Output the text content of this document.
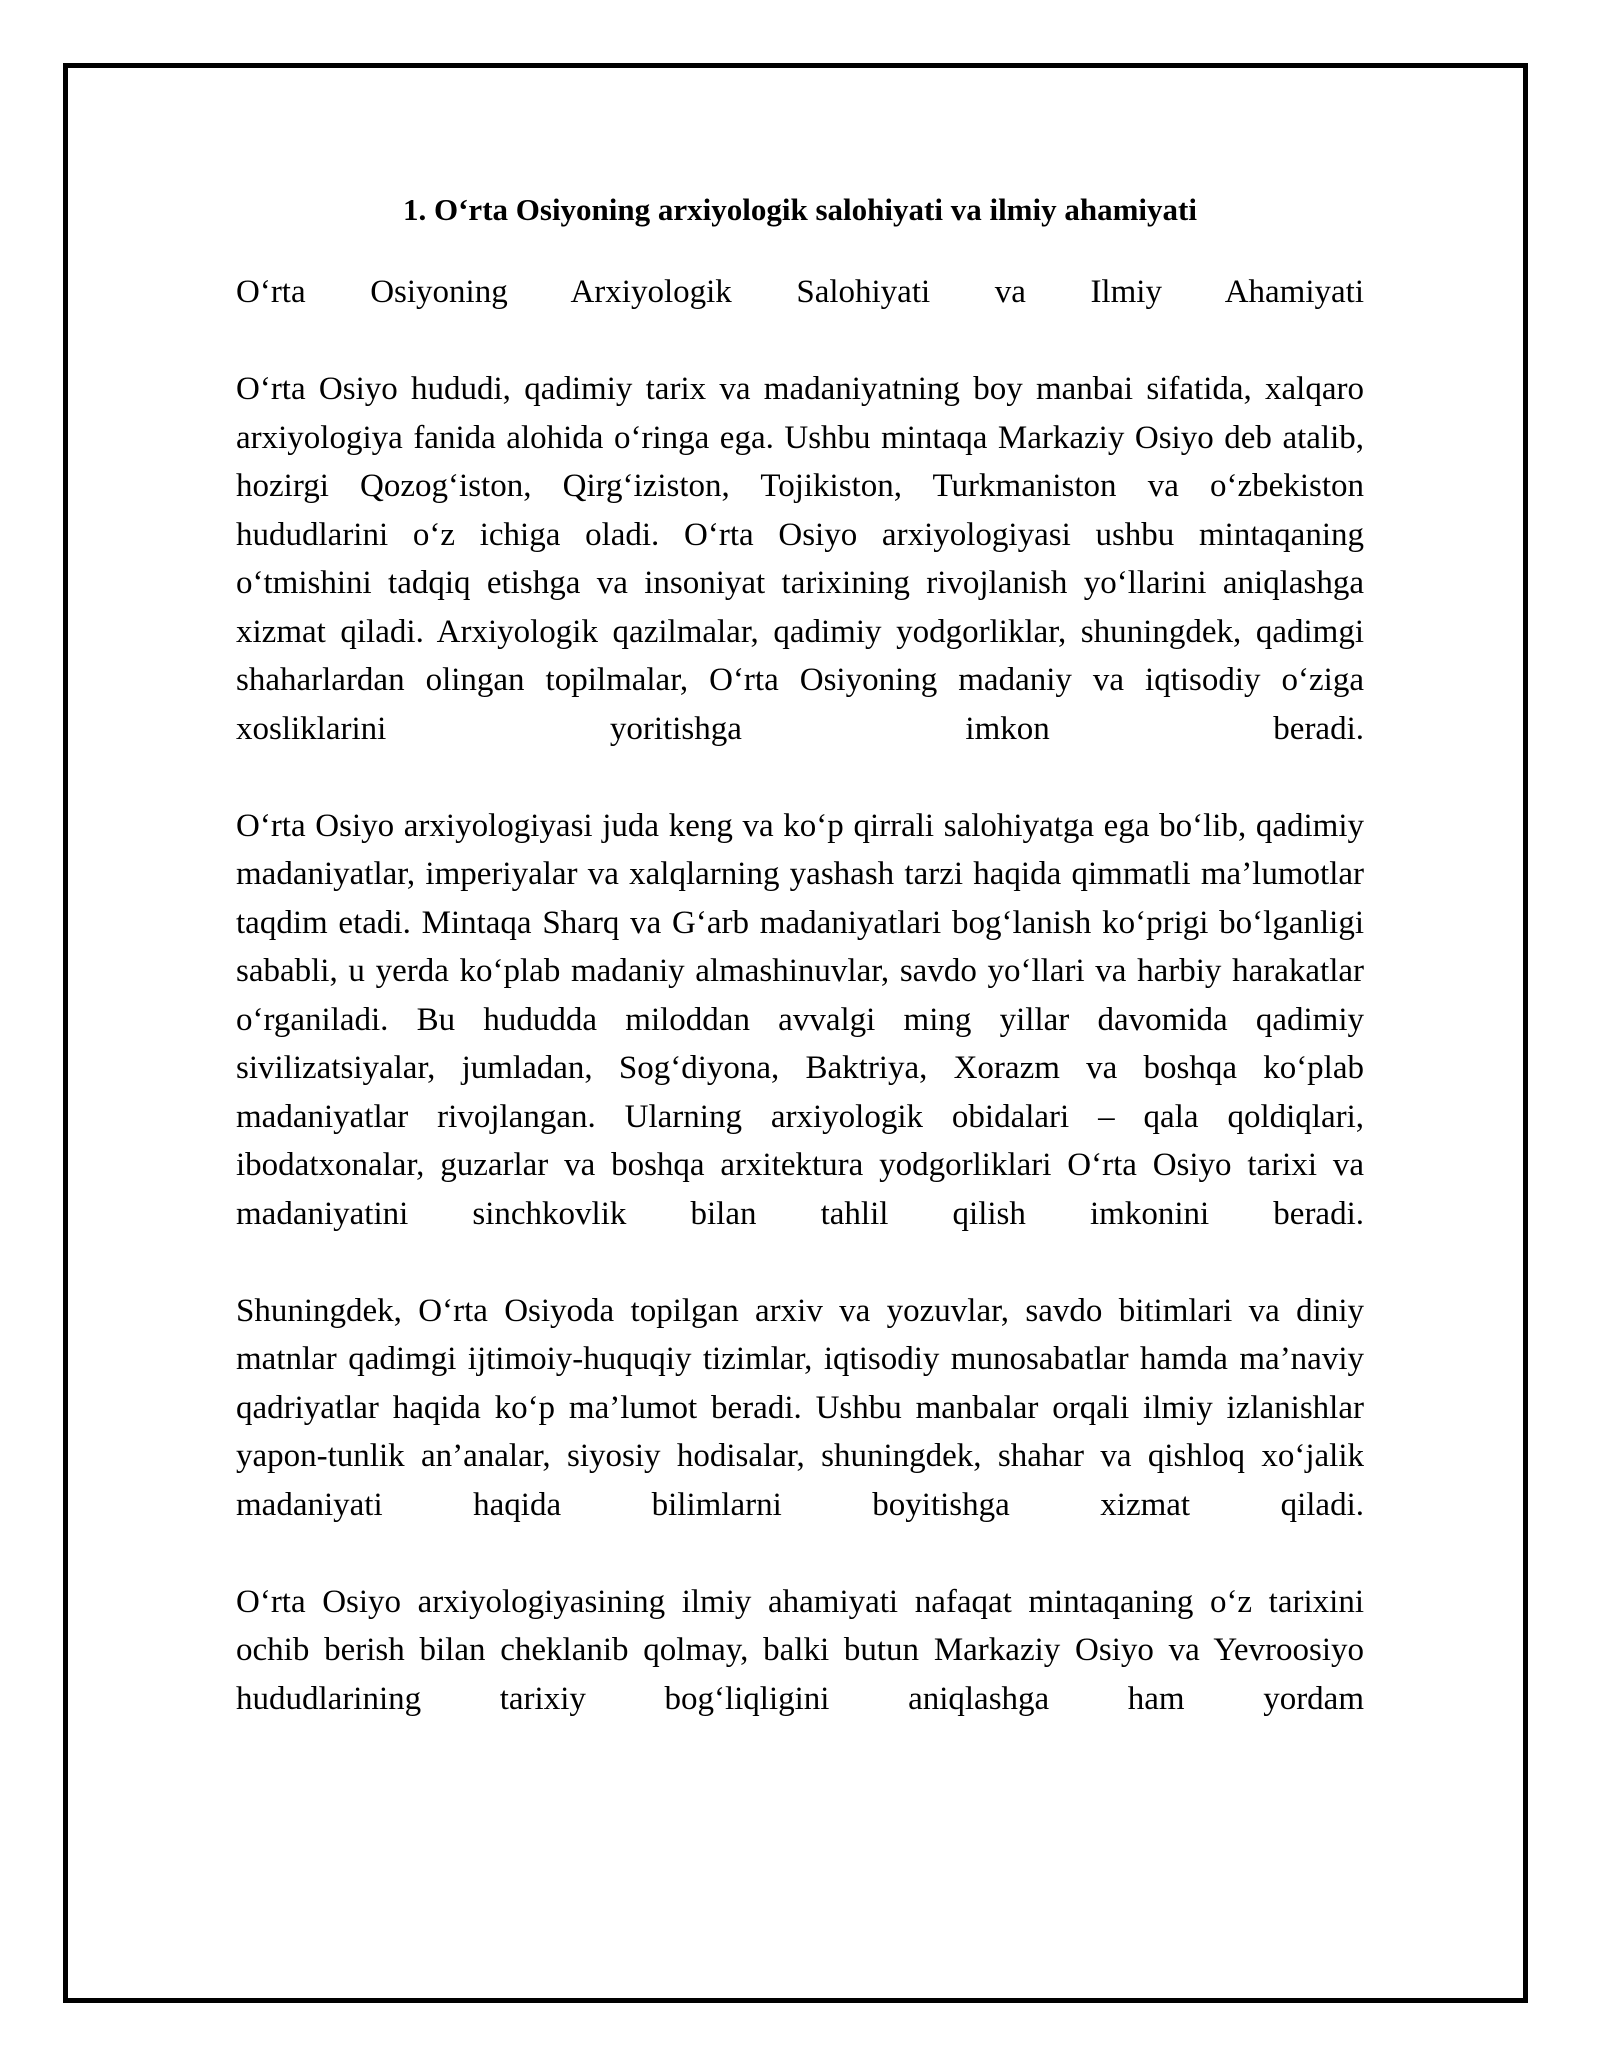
1. O‘rta Osiyoning arxiyologik salohiyati va ilmiy ahamiyati

O‘rta Osiyoning Arxiyologik Salohiyati va Ilmiy Ahamiyati

O‘rta Osiyo hududi, qadimiy tarix va madaniyatning boy manbai sifatida, xalqaro arxiyologiya fanida alohida o‘ringa ega. Ushbu mintaqa Markaziy Osiyo deb atalib, hozirgi Qozog‘iston, Qirg‘iziston, Tojikiston, Turkmaniston va o‘zbekiston hududlarini o‘z ichiga oladi. O‘rta Osiyo arxiyologiyasi ushbu mintaqaning o‘tmishini tadqiq etishga va insoniyat tarixining rivojlanish yo‘llarini aniqlashga xizmat qiladi. Arxiyologik qazilmalar, qadimiy yodgorliklar, shuningdek, qadimgi shaharlardan olingan topilmalar, O‘rta Osiyoning madaniy va iqtisodiy o‘ziga xosliklarini yoritishga imkon beradi.

O‘rta Osiyo arxiyologiyasi juda keng va ko‘p qirrali salohiyatga ega bo‘lib, qadimiy madaniyatlar, imperiyalar va xalqlarning yashash tarzi haqida qimmatli ma’lumotlar taqdim etadi. Mintaqa Sharq va G‘arb madaniyatlari bog‘lanish ko‘prigi bo‘lganligi sababli, u yerda ko‘plab madaniy almashinuvlar, savdo yo‘llari va harbiy harakatlar o‘rganiladi. Bu hududda miloddan avvalgi ming yillar davomida qadimiy sivilizatsiyalar, jumladan, Sog‘diyona, Baktriya, Xorazm va boshqa ko‘plab madaniyatlar rivojlangan. Ularning arxiyologik obidalari – qala qoldiqlari, ibodatxonalar, guzarlar va boshqa arxitektura yodgorliklari O‘rta Osiyo tarixi va madaniyatini sinchkovlik bilan tahlil qilish imkonini beradi.

Shuningdek, O‘rta Osiyoda topilgan arxiv va yozuvlar, savdo bitimlari va diniy matnlar qadimgi ijtimoiy-huquqiy tizimlar, iqtisodiy munosabatlar hamda ma’naviy qadriyatlar haqida ko‘p ma’lumot beradi. Ushbu manbalar orqali ilmiy izlanishlar yapon-tunlik an’analar, siyosiy hodisalar, shuningdek, shahar va qishloq xo‘jalik madaniyati haqida bilimlarni boyitishga xizmat qiladi.

O‘rta Osiyo arxiyologiyasining ilmiy ahamiyati nafaqat mintaqaning o‘z tarixini ochib berish bilan cheklanib qolmay, balki butun Markaziy Osiyo va Yevroosiyo hududlarining tarixiy bog‘liqligini aniqlashga ham yordam
